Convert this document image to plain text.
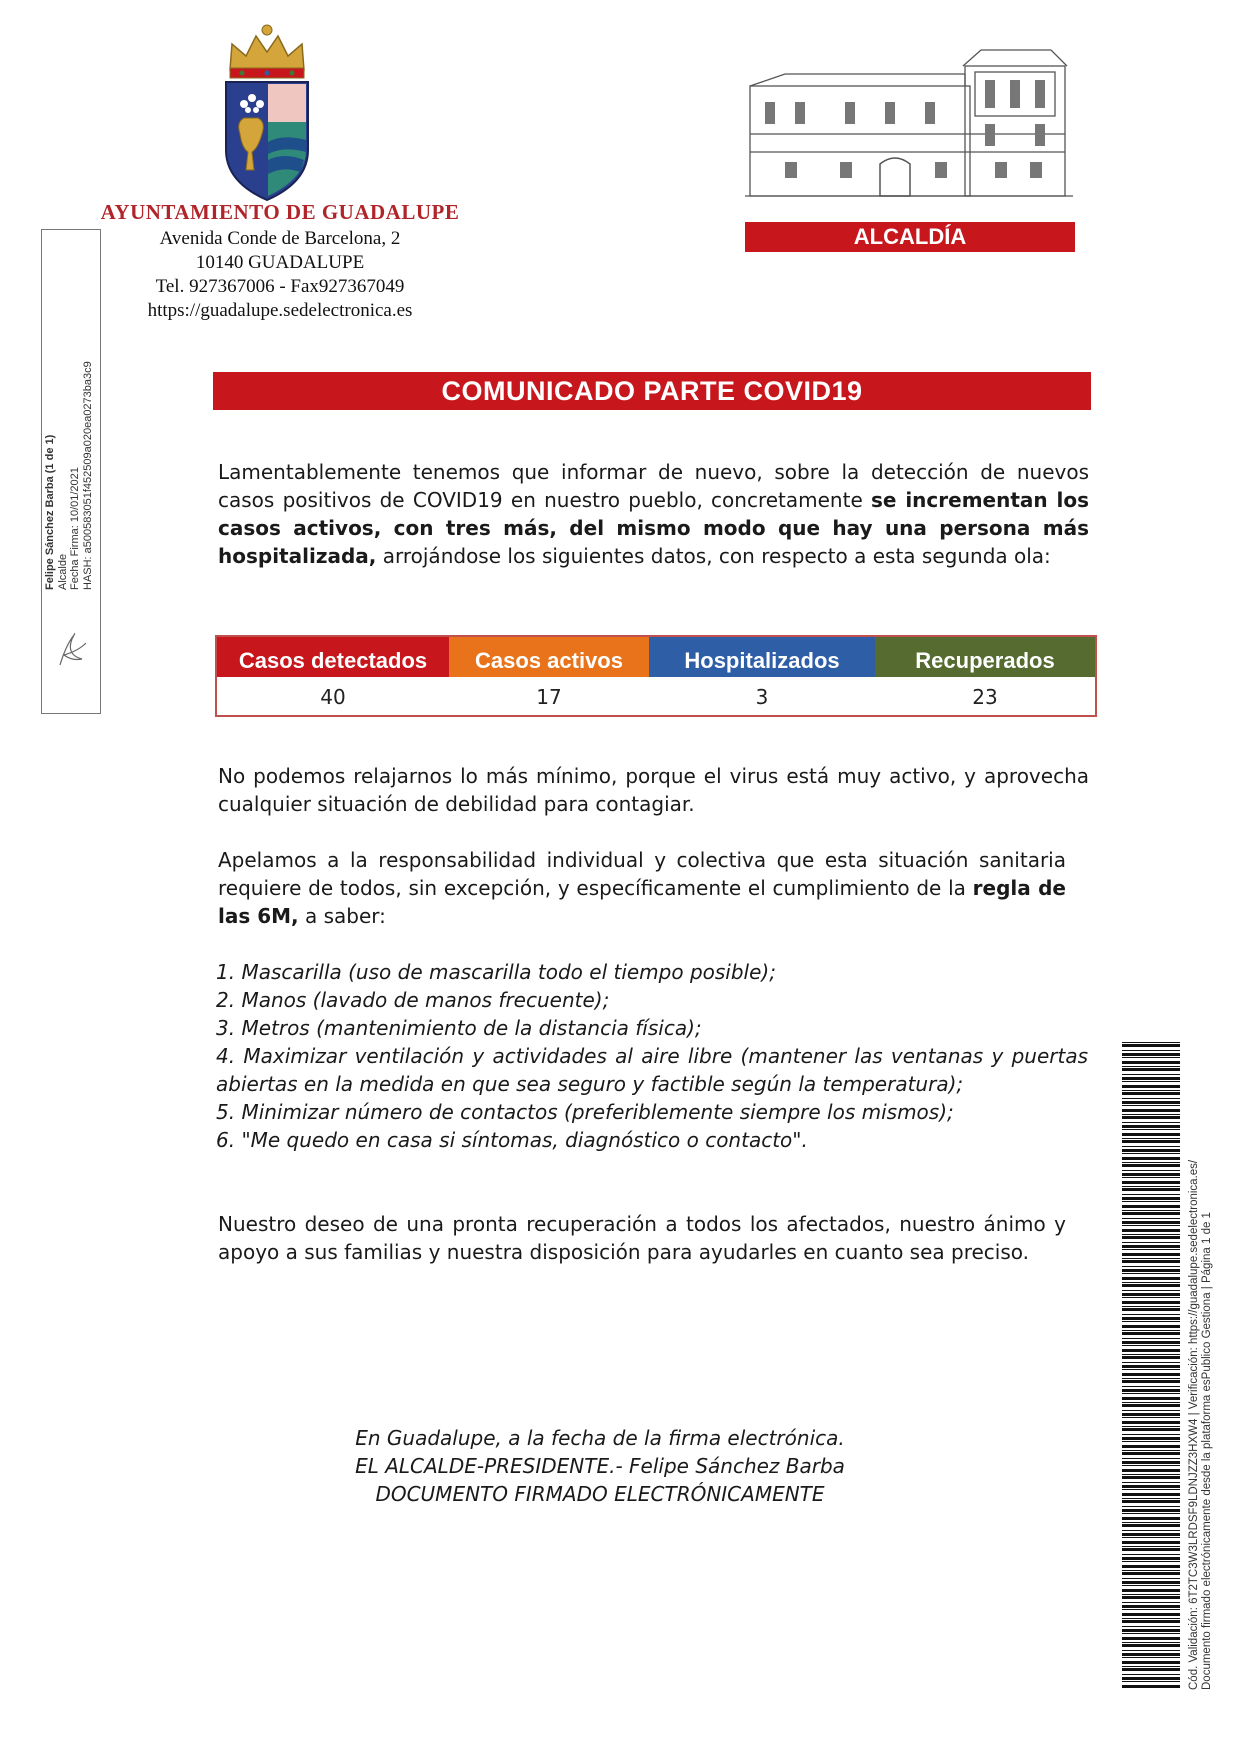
AYUNTAMIENTO DE GUADALUPE
Avenida Conde de Barcelona, 2
10140 GUADALUPE
Tel. 927367006 - Fax927367049
https://guadalupe.sedelectronica.es
ALCALDÍA
Felipe Sánchez Barba (1 de 1) Alcalde Fecha Firma: 10/01/2021 HASH: a500583051f452509a020ea0273ba3c9	COMUNICADO PARTE COVID19

Lamentablemente tenemos que informar de nuevo, sobre la detección de nuevos casos positivos de COVID19 en nuestro pueblo, concretamente se incrementan los casos activos, con tres más, del mismo modo que hay una persona más hospitalizada, arrojándose los siguientes datos, con respecto a esta segunda ola:

Casos detectados	Casos activos	Hospitalizados	Recuperados
40	17	3	23

No podemos relajarnos lo más mínimo, porque el virus está muy activo, y aprovecha cualquier situación de debilidad para contagiar.

Apelamos a la responsabilidad individual y colectiva que esta situación sanitaria requiere de todos, sin excepción, y específicamente el cumplimiento de la regla de las 6M, a saber:

1. Mascarilla (uso de mascarilla todo el tiempo posible);
2. Manos (lavado de manos frecuente);
3. Metros (mantenimiento de la distancia física);
4. Maximizar ventilación y actividades al aire libre (mantener las ventanas y puertas abiertas en la medida en que sea seguro y factible según la temperatura);
5. Minimizar número de contactos (preferiblemente siempre los mismos);
6. "Me quedo en casa si síntomas, diagnóstico o contacto".

Nuestro deseo de una pronta recuperación a todos los afectados, nuestro ánimo y apoyo a sus familias y nuestra disposición para ayudarles en cuanto sea preciso.

En Guadalupe, a la fecha de la firma electrónica.
EL ALCALDE-PRESIDENTE.- Felipe Sánchez Barba
DOCUMENTO FIRMADO ELECTRÓNICAMENTE	Cód. Validación: 6T2TC3W3LRDSF9LDNJZZ3HXW4 | Verificación: https://guadalupe.sedelectronica.es/ Documento firmado electrónicamente desde la plataforma esPublico Gestiona | Página 1 de 1
